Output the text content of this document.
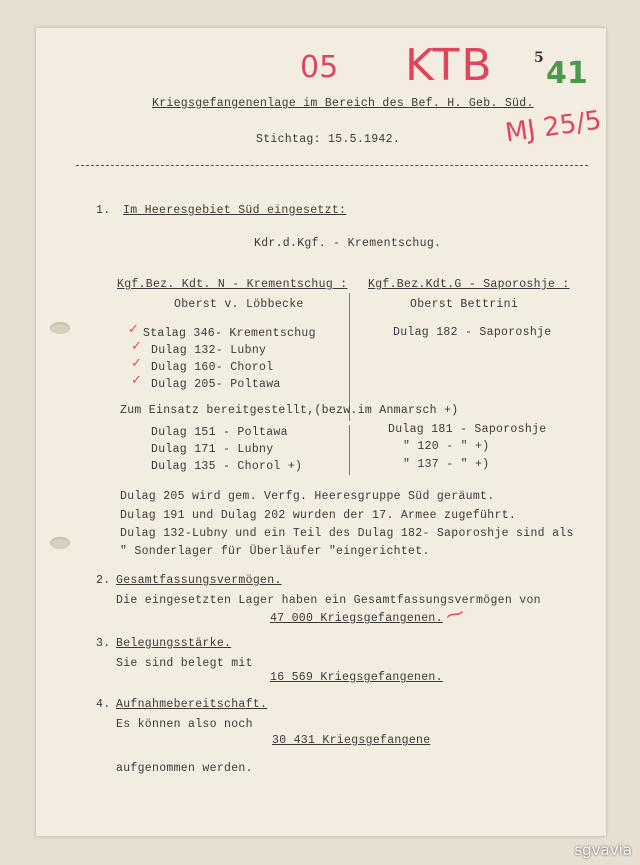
05 KTB	5 41
MJ 25/5
Kriegsgefangenenlage im Bereich des Bef. H. Geb. Süd.
Stichtag: 15.5.1942.
1. Im Heeresgebiet Süd eingesetzt:
Kdr.d.Kgf. - Krementschug.
Kgf.Bez. Kdt. N - Krementschug :
Oberst v. Löbbecke
Stalag 346- Krementschug
Dulag 132- Lubny
Dulag 160- Chorol
Dulag 205- Poltawa
✓
✓
✓
✓
Kgf.Bez.Kdt.G - Saporoshje :
Oberst Bettrini
Dulag 182 - Saporoshje
Zum Einsatz bereitgestellt,(bezw.im Anmarsch +)
Dulag 151 - Poltawa
Dulag 171 - Lubny
Dulag 135 - Chorol +)
Dulag 181 - Saporoshje
" 120 - " +)
" 137 - " +)
Dulag 205 wird gem. Verfg. Heeresgruppe Süd geräumt.
Dulag 191 und Dulag 202 wurden der 17. Armee zugeführt.
Dulag 132-Lubny und ein Teil des Dulag 182- Saporoshje sind als
" Sonderlager für Überläufer "eingerichtet.
2. Gesamtfassungsvermögen.
Die eingesetzten Lager haben ein Gesamtfassungsvermögen von
47 000 Kriegsgefangenen. ⁓
3. Belegungsstärke.
Sie sind belegt mit
16 569 Kriegsgefangenen.
4. Aufnahmebereitschaft.
Es können also noch
30 431 Kriegsgefangene
aufgenommen werden.
sgvavia
